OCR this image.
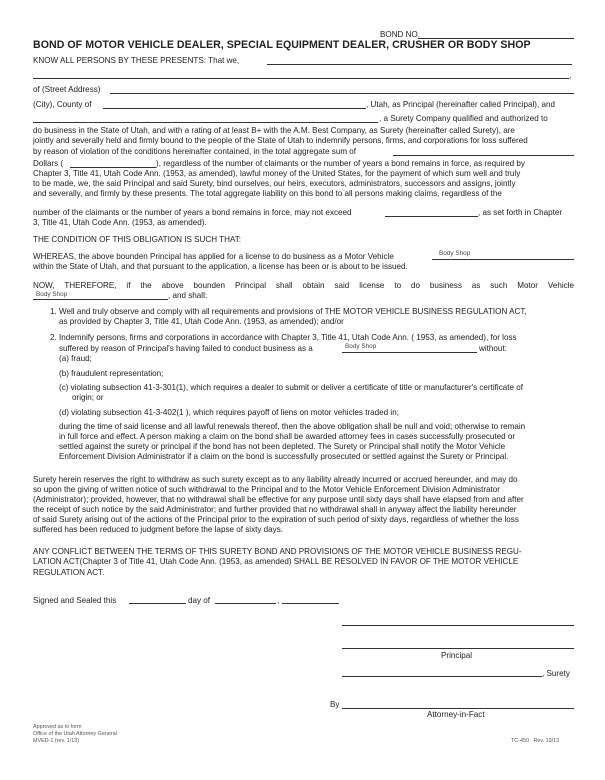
BOND NO.
BOND OF MOTOR VEHICLE DEALER, SPECIAL EQUIPMENT DEALER, CRUSHER OR BODY SHOP
KNOW ALL PERSONS BY THESE PRESENTS: That we,
,
of (Street Address)
(City), County of	, Utah, as Principal (hereinafter called Principal), and
, a Surety Company qualified and authorized to
do business in the State of Utah, and with a rating of at least B+ with the A.M. Best Company, as Surety (hereinafter called Surety), are
jointly and severally held and firmly bound to the people of the State of Utah to indemnify persons, firms, and corporations for loss suffered
by reason of violation of the conditions hereinafter contained, in the total aggregate sum of
Dollars (	), regardless of the number of claimants or the number of years a bond remains in force, as required by
Chapter 3, Title 41, Utah Code Ann. (1953, as amended), lawful money of the United States, for the payment of which sum well and truly
to be made, we, the said Principal and said Surety, bind ourselves, our heirs, executors, administrators, successors and assigns, jointly
and severally, and firmly by these presents. The total aggregate liability on this bond to all persons making claims, regardless of the
number of the claimants or the number of years a bond remains in force, may not exceed	, as set forth in Chapter
3, Title 41, Utah Code Ann. (1953, as amended).
THE CONDITION OF THIS OBLIGATION IS SUCH THAT:
WHEREAS, the above bounden Principal has applied for a license to do business as a Motor Vehicle	Body Shop
within the State of Utah, and that pursuant to the application, a license has been or is about to be issued.
NOW, THEREFORE, if the above bounden Principal shall obtain said license to do business as such Motor Vehicle
Body Shop	, and shall:
1. Well and truly observe and comply with all requirements and provisions of THE MOTOR VEHICLE BUSINESS REGULATION ACT,
as provided by Chapter 3, Title 41, Utah Code Ann. (1953, as amended); and/or
2. Indemnify persons, firms and corporations in accordance with Chapter 3, Title 41, Utah Code Ann. ( 1953, as amended), for loss
suffered by reason of Principal's having failed to conduct business as a	Body Shop	without:
(a) fraud;
(b) fraudulent representation;
(c) violating subsection 41-3-301(1), which requires a dealer to submit or deliver a certificate of title or manufacturer's certificate of
origin; or
(d) violating subsection 41-3-402(1 ), which requires payoff of liens on motor vehicles traded in;
during the time of said license and all lawful renewals thereof, then the above obligation shall be null and void; otherwise to remain
in full force and effect. A person making a claim on the bond shall be awarded attorney fees in cases successfully prosecuted or
settled against the surety or principal if the bond has not been depleted. The Surety or Principal shall notify the Motor Vehicle
Enforcement Division Administrator if a claim on the bond is successfully prosecuted or settled against the Surety or Principal.
Surety herein reserves the right to withdraw as such surety except as to any liability already incurred or accrued hereunder, and may do
so upon the giving of written notice of such withdrawal to the Principal and to the Motor Vehicle Enforcement Division Administrator
(Administrator); provided, however, that no withdrawal shall be effective for any purpose until sixty days shall have elapsed from and after
the receipt of such notice by the said Administrator; and further provided that no withdrawal shall in anyway affect the liability hereunder
of said Surety arising out of the actions of the Principal prior to the expiration of such period of sixty days, regardless of whether the loss
suffered has been reduced to judgment before the lapse of sixty days.
ANY CONFLICT BETWEEN THE TERMS OF THIS SURETY BOND AND PROVISIONS OF THE MOTOR VEHICLE BUSINESS REGU-
LATION ACT(Chapter 3 of Title 41, Utah Code Ann. (1953, as amended) SHALL BE RESOLVED IN FAVOR OF THE MOTOR VEHICLE
REGULATION ACT.
Signed and Sealed this	day of	,
Principal
, Surety
By
Attorney-in-Fact
Approved as to form
Office of the Utah Attorney General
MVED-1 (rev. 1/13)	TC-450   Rev. 10/13
